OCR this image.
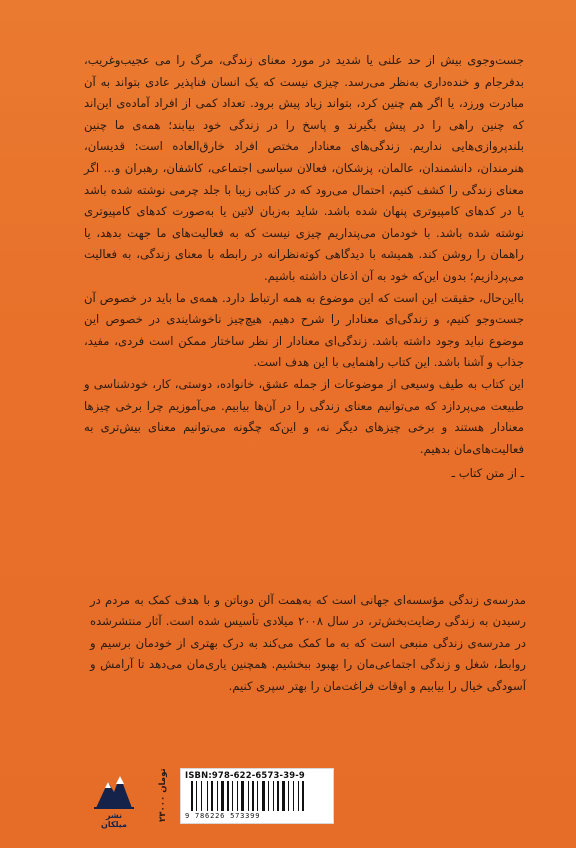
جست‌وجوی بیش از حد علنی یا شدید در مورد معنای زندگی، مرگ را می عجیب‌وغریب، بدفرجام و خنده‌داری به‌نظر می‌رسد. چیزی نیست که یک انسان فناپذیر عادی بتواند به آن مبادرت ورزد، یا اگر هم چنین کرد، بتواند زیاد پیش برود. تعداد کمی از افراد آماده‌ی این‌اند که چنین راهی را در پیش بگیرند و پاسخ را در زندگی خود بیابند؛ همه‌ی ما چنین بلندپروازی‌هایی نداریم. زندگی‌های معنادار مختص افراد خارق‌العاده است: قدیسان، هنرمندان، دانشمندان، عالمان، پزشکان، فعالان سیاسی اجتماعی، کاشفان، رهبران و... اگر معنای زندگی را کشف کنیم، احتمال می‌رود که در کتابی زیبا با جلد چرمی نوشته شده باشد یا در کدهای کامپیوتری پنهان شده باشد. شاید به‌زبان لاتین یا به‌صورت کدهای کامپیوتری نوشته شده باشد. با خودمان می‌پنداریم چیزی نیست که به فعالیت‌های ما جهت بدهد، یا راهمان را روشن کند. همیشه با دیدگاهی کوته‌نظرانه در رابطه با معنای زندگی، به فعالیت می‌پردازیم؛ بدون این‌که خود به آن اذعان داشته باشیم.

بااین‌حال، حقیقت این است که این موضوع به همه ارتباط دارد. همه‌ی ما باید در خصوص آن جست‌وجو کنیم، و زندگی‌ای معنادار را شرح دهیم. هیچ‌چیز ناخوشایندی در خصوص این موضوع نباید وجود داشته باشد. زندگی‌ای معنادار از نظر ساختار ممکن است فردی، مفید، جذاب و آشنا باشد. این کتاب راهنمایی با این هدف است.

این کتاب به طیف وسیعی از موضوعات از جمله عشق، خانواده، دوستی، کار، خودشناسی و طبیعت می‌پردازد که می‌توانیم معنای زندگی را در آن‌ها بیابیم. می‌آموزیم چرا برخی چیزها معنادار هستند و برخی چیزهای دیگر نه، و این‌که چگونه می‌توانیم معنای بیش‌تری به فعالیت‌های‌مان بدهیم.

ـ از متن کتاب ـ

مدرسه‌ی زندگی مؤسسه‌ای جهانی است که به‌همت آلن دوباتن و با هدف کمک به مردم در رسیدن به زندگی رضایت‌بخش‌تر، در سال ۲۰۰۸ میلادی تأسیس شده است. آثار منتشرشده در مدرسه‌ی زندگی منبعی است که به ما کمک می‌کند به درک بهتری از خودمان برسیم و روابط، شغل و زندگی اجتماعی‌مان را بهبود ببخشیم. همچنین یاری‌مان می‌دهد تا آرامش و آسودگی خیال را بیابیم و اوقات فراغت‌مان را بهتر سپری کنیم.
نشر میلکان
۲۳۰۰۰ تومان	ISBN:978-622-6573-39-9
9 786226 573399
